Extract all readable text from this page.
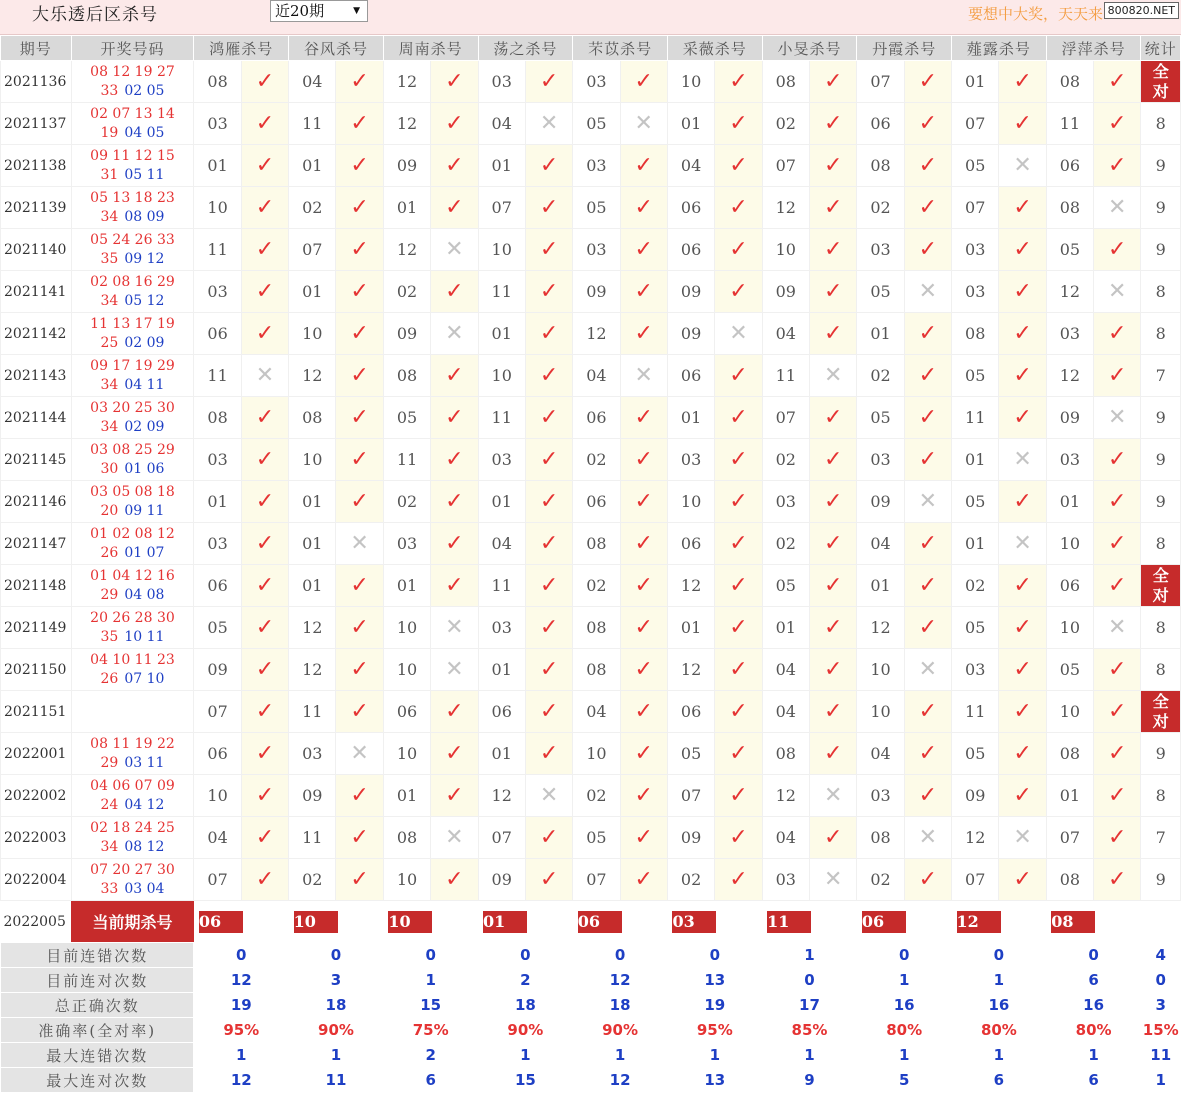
大乐透后区杀号	近20期	▼	要想中大奖，天天来 800820.NET
期号	开奖号码	鸿雁杀号		谷风杀号		周南杀号		荡之杀号		芣苡杀号		采薇杀号		小旻杀号		丹霞杀号		薤露杀号		浮萍杀号		统计
2021136	08 12 19 27
33 02 05	08	✓	04	✓	12	✓	03	✓	03	✓	10	✓	08	✓	07	✓	01	✓	08	✓	全
对
2021137	02 07 13 14
19 04 05	03	✓	11	✓	12	✓	04	✕	05	✕	01	✓	02	✓	06	✓	07	✓	11	✓	8
2021138	09 11 12 15
31 05 11	01	✓	01	✓	09	✓	01	✓	03	✓	04	✓	07	✓	08	✓	05	✕	06	✓	9
2021139	05 13 18 23
34 08 09	10	✓	02	✓	01	✓	07	✓	05	✓	06	✓	12	✓	02	✓	07	✓	08	✕	9
2021140	05 24 26 33
35 09 12	11	✓	07	✓	12	✕	10	✓	03	✓	06	✓	10	✓	03	✓	03	✓	05	✓	9
2021141	02 08 16 29
34 05 12	03	✓	01	✓	02	✓	11	✓	09	✓	09	✓	09	✓	05	✕	03	✓	12	✕	8
2021142	11 13 17 19
25 02 09	06	✓	10	✓	09	✕	01	✓	12	✓	09	✕	04	✓	01	✓	08	✓	03	✓	8
2021143	09 17 19 29
34 04 11	11	✕	12	✓	08	✓	10	✓	04	✕	06	✓	11	✕	02	✓	05	✓	12	✓	7
2021144	03 20 25 30
34 02 09	08	✓	08	✓	05	✓	11	✓	06	✓	01	✓	07	✓	05	✓	11	✓	09	✕	9
2021145	03 08 25 29
30 01 06	03	✓	10	✓	11	✓	03	✓	02	✓	03	✓	02	✓	03	✓	01	✕	03	✓	9
2021146	03 05 08 18
20 09 11	01	✓	01	✓	02	✓	01	✓	06	✓	10	✓	03	✓	09	✕	05	✓	01	✓	9
2021147	01 02 08 12
26 01 07	03	✓	01	✕	03	✓	04	✓	08	✓	06	✓	02	✓	04	✓	01	✕	10	✓	8
2021148	01 04 12 16
29 04 08	06	✓	01	✓	01	✓	11	✓	02	✓	12	✓	05	✓	01	✓	02	✓	06	✓	全
对
2021149	20 26 28 30
35 10 11	05	✓	12	✓	10	✕	03	✓	08	✓	01	✓	01	✓	12	✓	05	✓	10	✕	8
2021150	04 10 11 23
26 07 10	09	✓	12	✓	10	✕	01	✓	08	✓	12	✓	04	✓	10	✕	03	✓	05	✓	8
2021151		07	✓	11	✓	06	✓	06	✓	04	✓	06	✓	04	✓	10	✓	11	✓	10	✓	全
对
2022001	08 11 19 22
29 03 11	06	✓	03	✕	10	✓	01	✓	10	✓	05	✓	08	✓	04	✓	05	✓	08	✓	9
2022002	04 06 07 09
24 04 12	10	✓	09	✓	01	✓	12	✕	02	✓	07	✓	12	✕	03	✓	09	✓	01	✓	8
2022003	02 18 24 25
34 08 12	04	✓	11	✓	08	✕	07	✓	05	✓	09	✓	04	✓	08	✕	12	✕	07	✓	7
2022004	07 20 27 30
33 03 04	07	✓	02	✓	10	✓	09	✓	07	✓	02	✓	03	✕	02	✓	07	✓	08	✓	9
2022005	当前期杀号	06		10		10		01		06		03		11		06		12		08		
目前连错次数		0		0		0		0		0		0		1		0		0		0		4
目前连对次数		12		3		1		2		12		13		0		1		1		6		0
总正确次数		19		18		15		18		18		19		17		16		16		16		3
准确率(全对率)		95%		90%		75%		90%		90%		95%		85%		80%		80%		80%		15%
最大连错次数		1		1		2		1		1		1		1		1		1		1		11
最大连对次数		12		11		6		15		12		13		9		5		6		6		1
